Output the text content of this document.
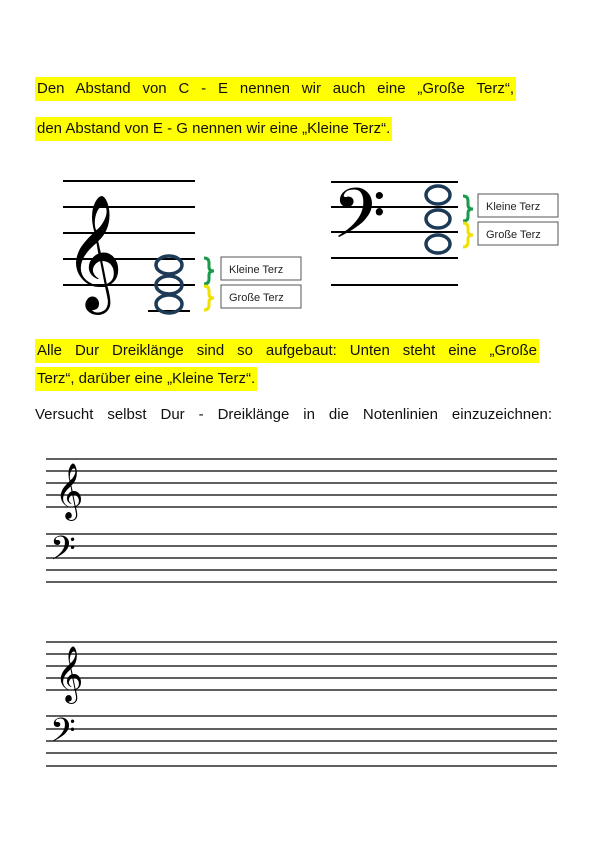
Den Abstand von C - E nennen wir auch eine „Große Terz“,
den Abstand von E - G nennen wir eine „Kleine Terz“.
Alle Dur Dreiklänge sind so aufgebaut: Unten steht eine „Große
Terz“, darüber eine „Kleine Terz“.
Versucht selbst Dur - Dreiklänge in die Notenlinien einzuzeichnen:
𝄞	Kleine Terz
Große Terz
𝄢	Kleine Terz
Große Terz
𝄞
𝄢
𝄞
𝄢
